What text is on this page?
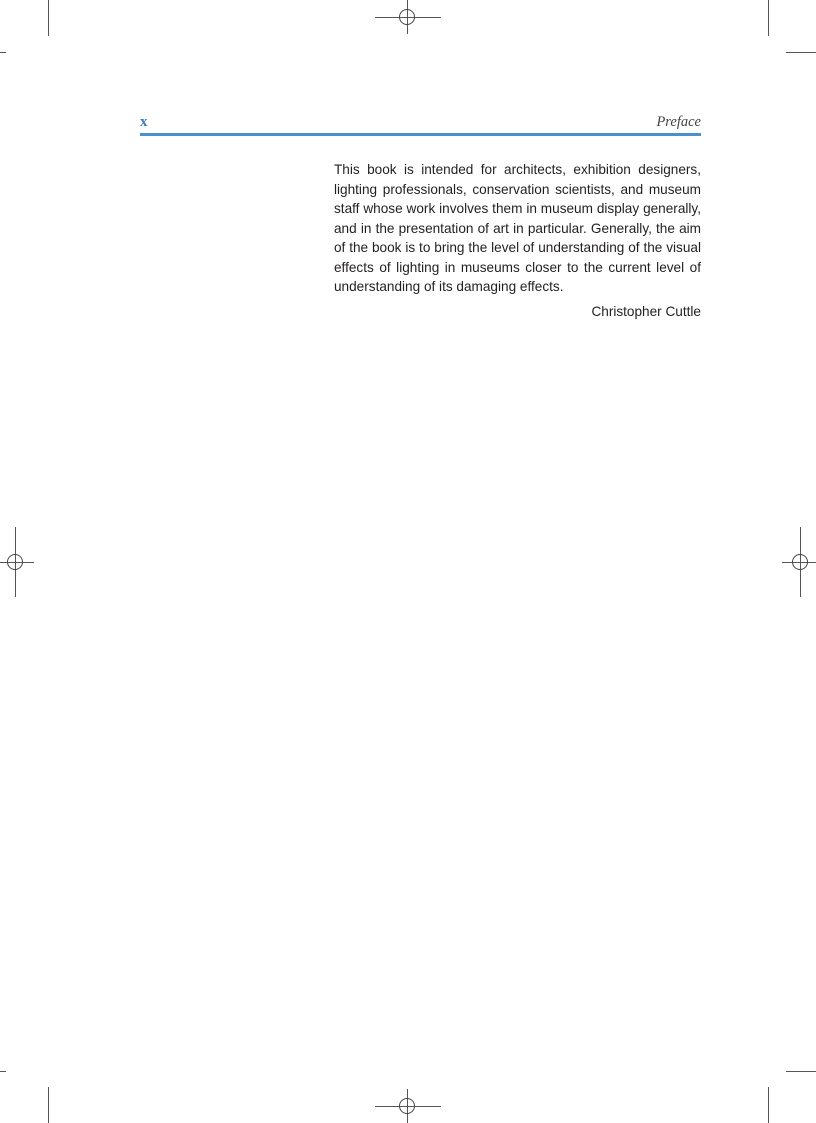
x	Preface

This book is intended for architects, exhibition designers, lighting professionals, conservation scientists, and museum staff whose work involves them in museum display generally, and in the presentation of art in particular. Generally, the aim of the book is to bring the level of understanding of the visual effects of lighting in museums closer to the current level of understanding of its damaging effects.

Christopher Cuttle
